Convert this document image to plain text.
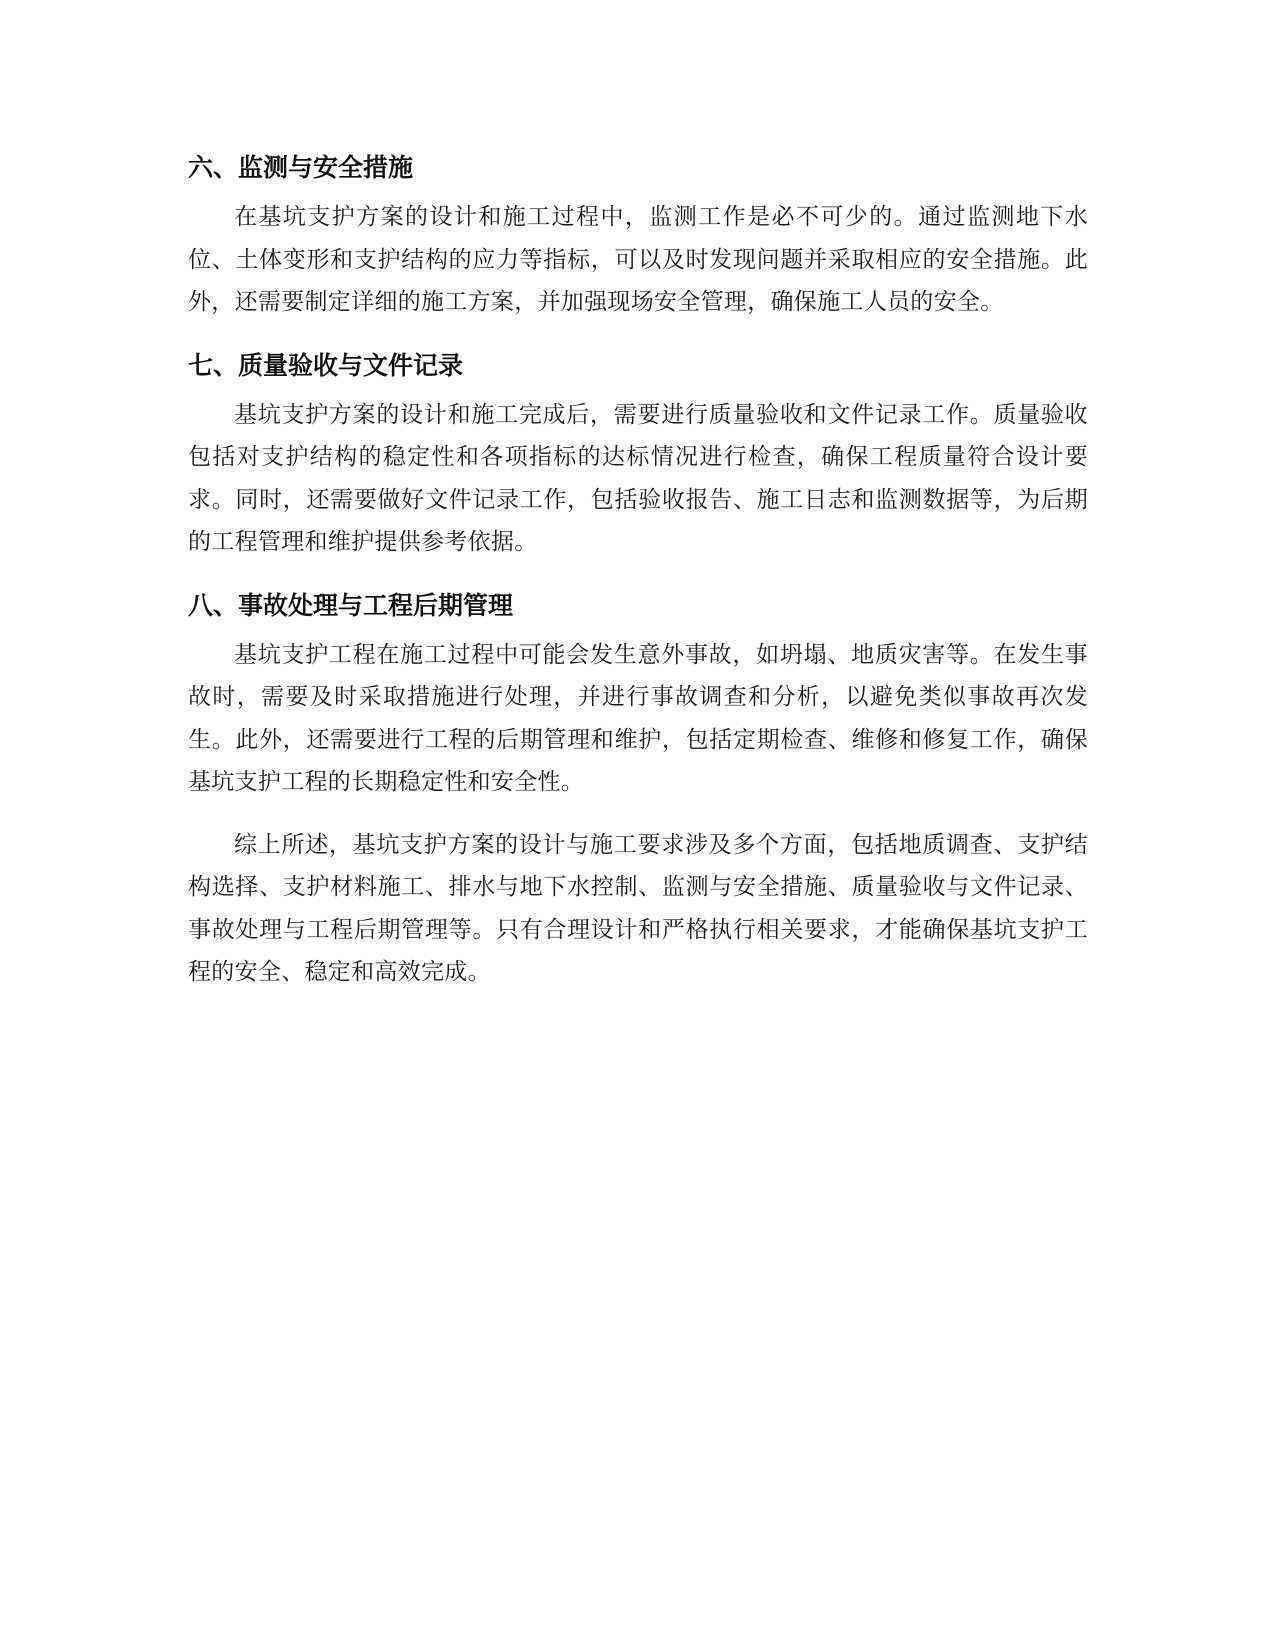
六、监测与安全措施

在基坑支护方案的设计和施工过程中，监测工作是必不可少的。通过监测地下水位、土体变形和支护结构的应力等指标，可以及时发现问题并采取相应的安全措施。此外，还需要制定详细的施工方案，并加强现场安全管理，确保施工人员的安全。

七、质量验收与文件记录

基坑支护方案的设计和施工完成后，需要进行质量验收和文件记录工作。质量验收包括对支护结构的稳定性和各项指标的达标情况进行检查，确保工程质量符合设计要求。同时，还需要做好文件记录工作，包括验收报告、施工日志和监测数据等，为后期的工程管理和维护提供参考依据。

八、事故处理与工程后期管理

基坑支护工程在施工过程中可能会发生意外事故，如坍塌、地质灾害等。在发生事故时，需要及时采取措施进行处理，并进行事故调查和分析，以避免类似事故再次发生。此外，还需要进行工程的后期管理和维护，包括定期检查、维修和修复工作，确保基坑支护工程的长期稳定性和安全性。

综上所述，基坑支护方案的设计与施工要求涉及多个方面，包括地质调查、支护结构选择、支护材料施工、排水与地下水控制、监测与安全措施、质量验收与文件记录、事故处理与工程后期管理等。只有合理设计和严格执行相关要求，才能确保基坑支护工程的安全、稳定和高效完成。
